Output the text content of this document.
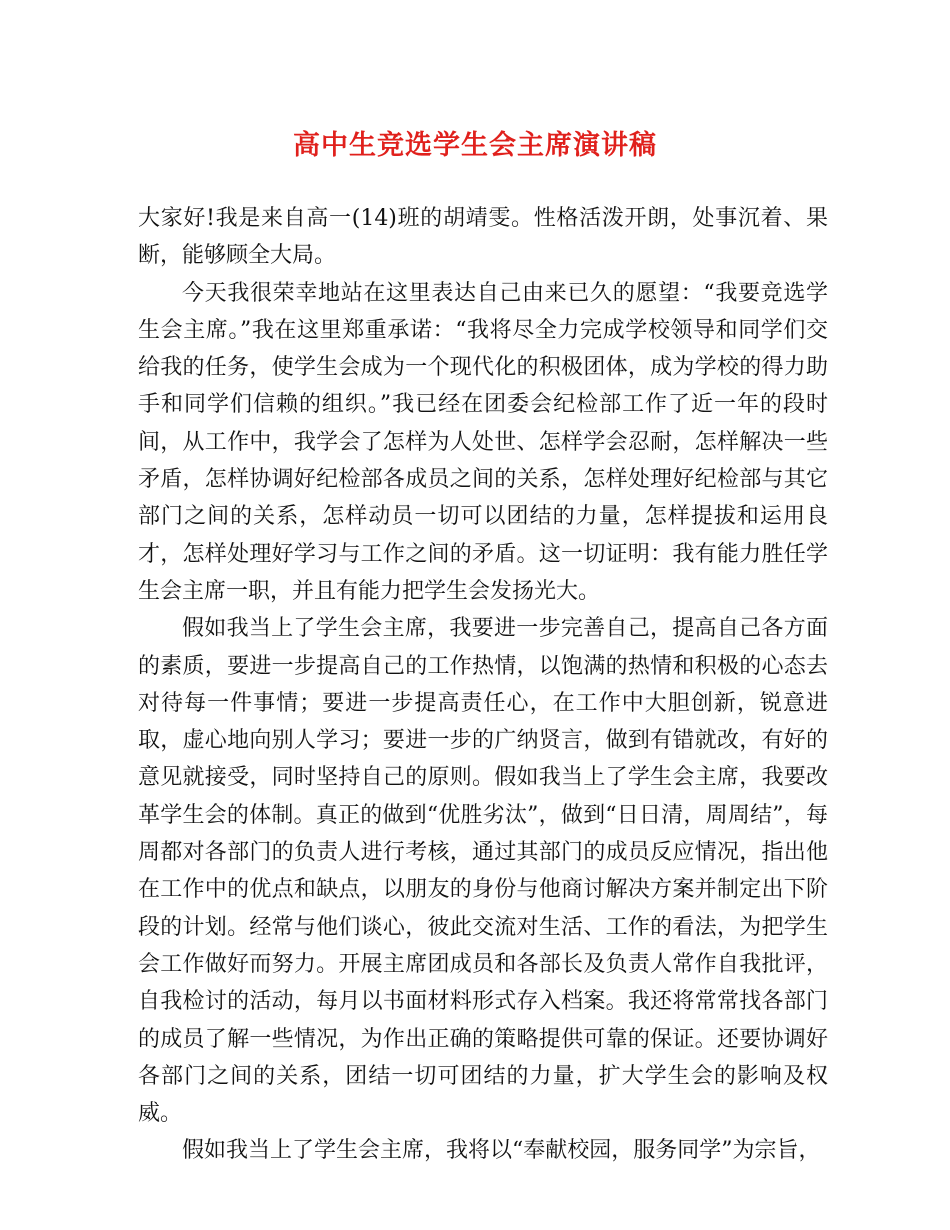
高中生竞选学生会主席演讲稿

大家好!我是来自高一(14)班的胡靖雯。性格活泼开朗，处事沉着、果断，能够顾全大局。

今天我很荣幸地站在这里表达自己由来已久的愿望：“我要竞选学生会主席。”我在这里郑重承诺：“我将尽全力完成学校领导和同学们交给我的任务，使学生会成为一个现代化的积极团体，成为学校的得力助手和同学们信赖的组织。”我已经在团委会纪检部工作了近一年的段时间，从工作中，我学会了怎样为人处世、怎样学会忍耐，怎样解决一些矛盾，怎样协调好纪检部各成员之间的关系，怎样处理好纪检部与其它部门之间的关系，怎样动员一切可以团结的力量，怎样提拔和运用良才，怎样处理好学习与工作之间的矛盾。这一切证明：我有能力胜任学生会主席一职，并且有能力把学生会发扬光大。

假如我当上了学生会主席，我要进一步完善自己，提高自己各方面的素质，要进一步提高自己的工作热情，以饱满的热情和积极的心态去对待每一件事情；要进一步提高责任心，在工作中大胆创新，锐意进取，虚心地向别人学习；要进一步的广纳贤言，做到有错就改，有好的意见就接受，同时坚持自己的原则。假如我当上了学生会主席，我要改革学生会的体制。真正的做到“优胜劣汰”，做到“日日清，周周结”，每周都对各部门的负责人进行考核，通过其部门的成员反应情况，指出他在工作中的优点和缺点，以朋友的身份与他商讨解决方案并制定出下阶段的计划。经常与他们谈心，彼此交流对生活、工作的看法，为把学生会工作做好而努力。开展主席团成员和各部长及负责人常作自我批评，自我检讨的活动，每月以书面材料形式存入档案。我还将常常找各部门的成员了解一些情况，为作出正确的策略提供可靠的保证。还要协调好各部门之间的关系，团结一切可团结的力量，扩大学生会的影响及权威。

假如我当上了学生会主席，我将以“奉献校园，服务同学”为宗旨，
